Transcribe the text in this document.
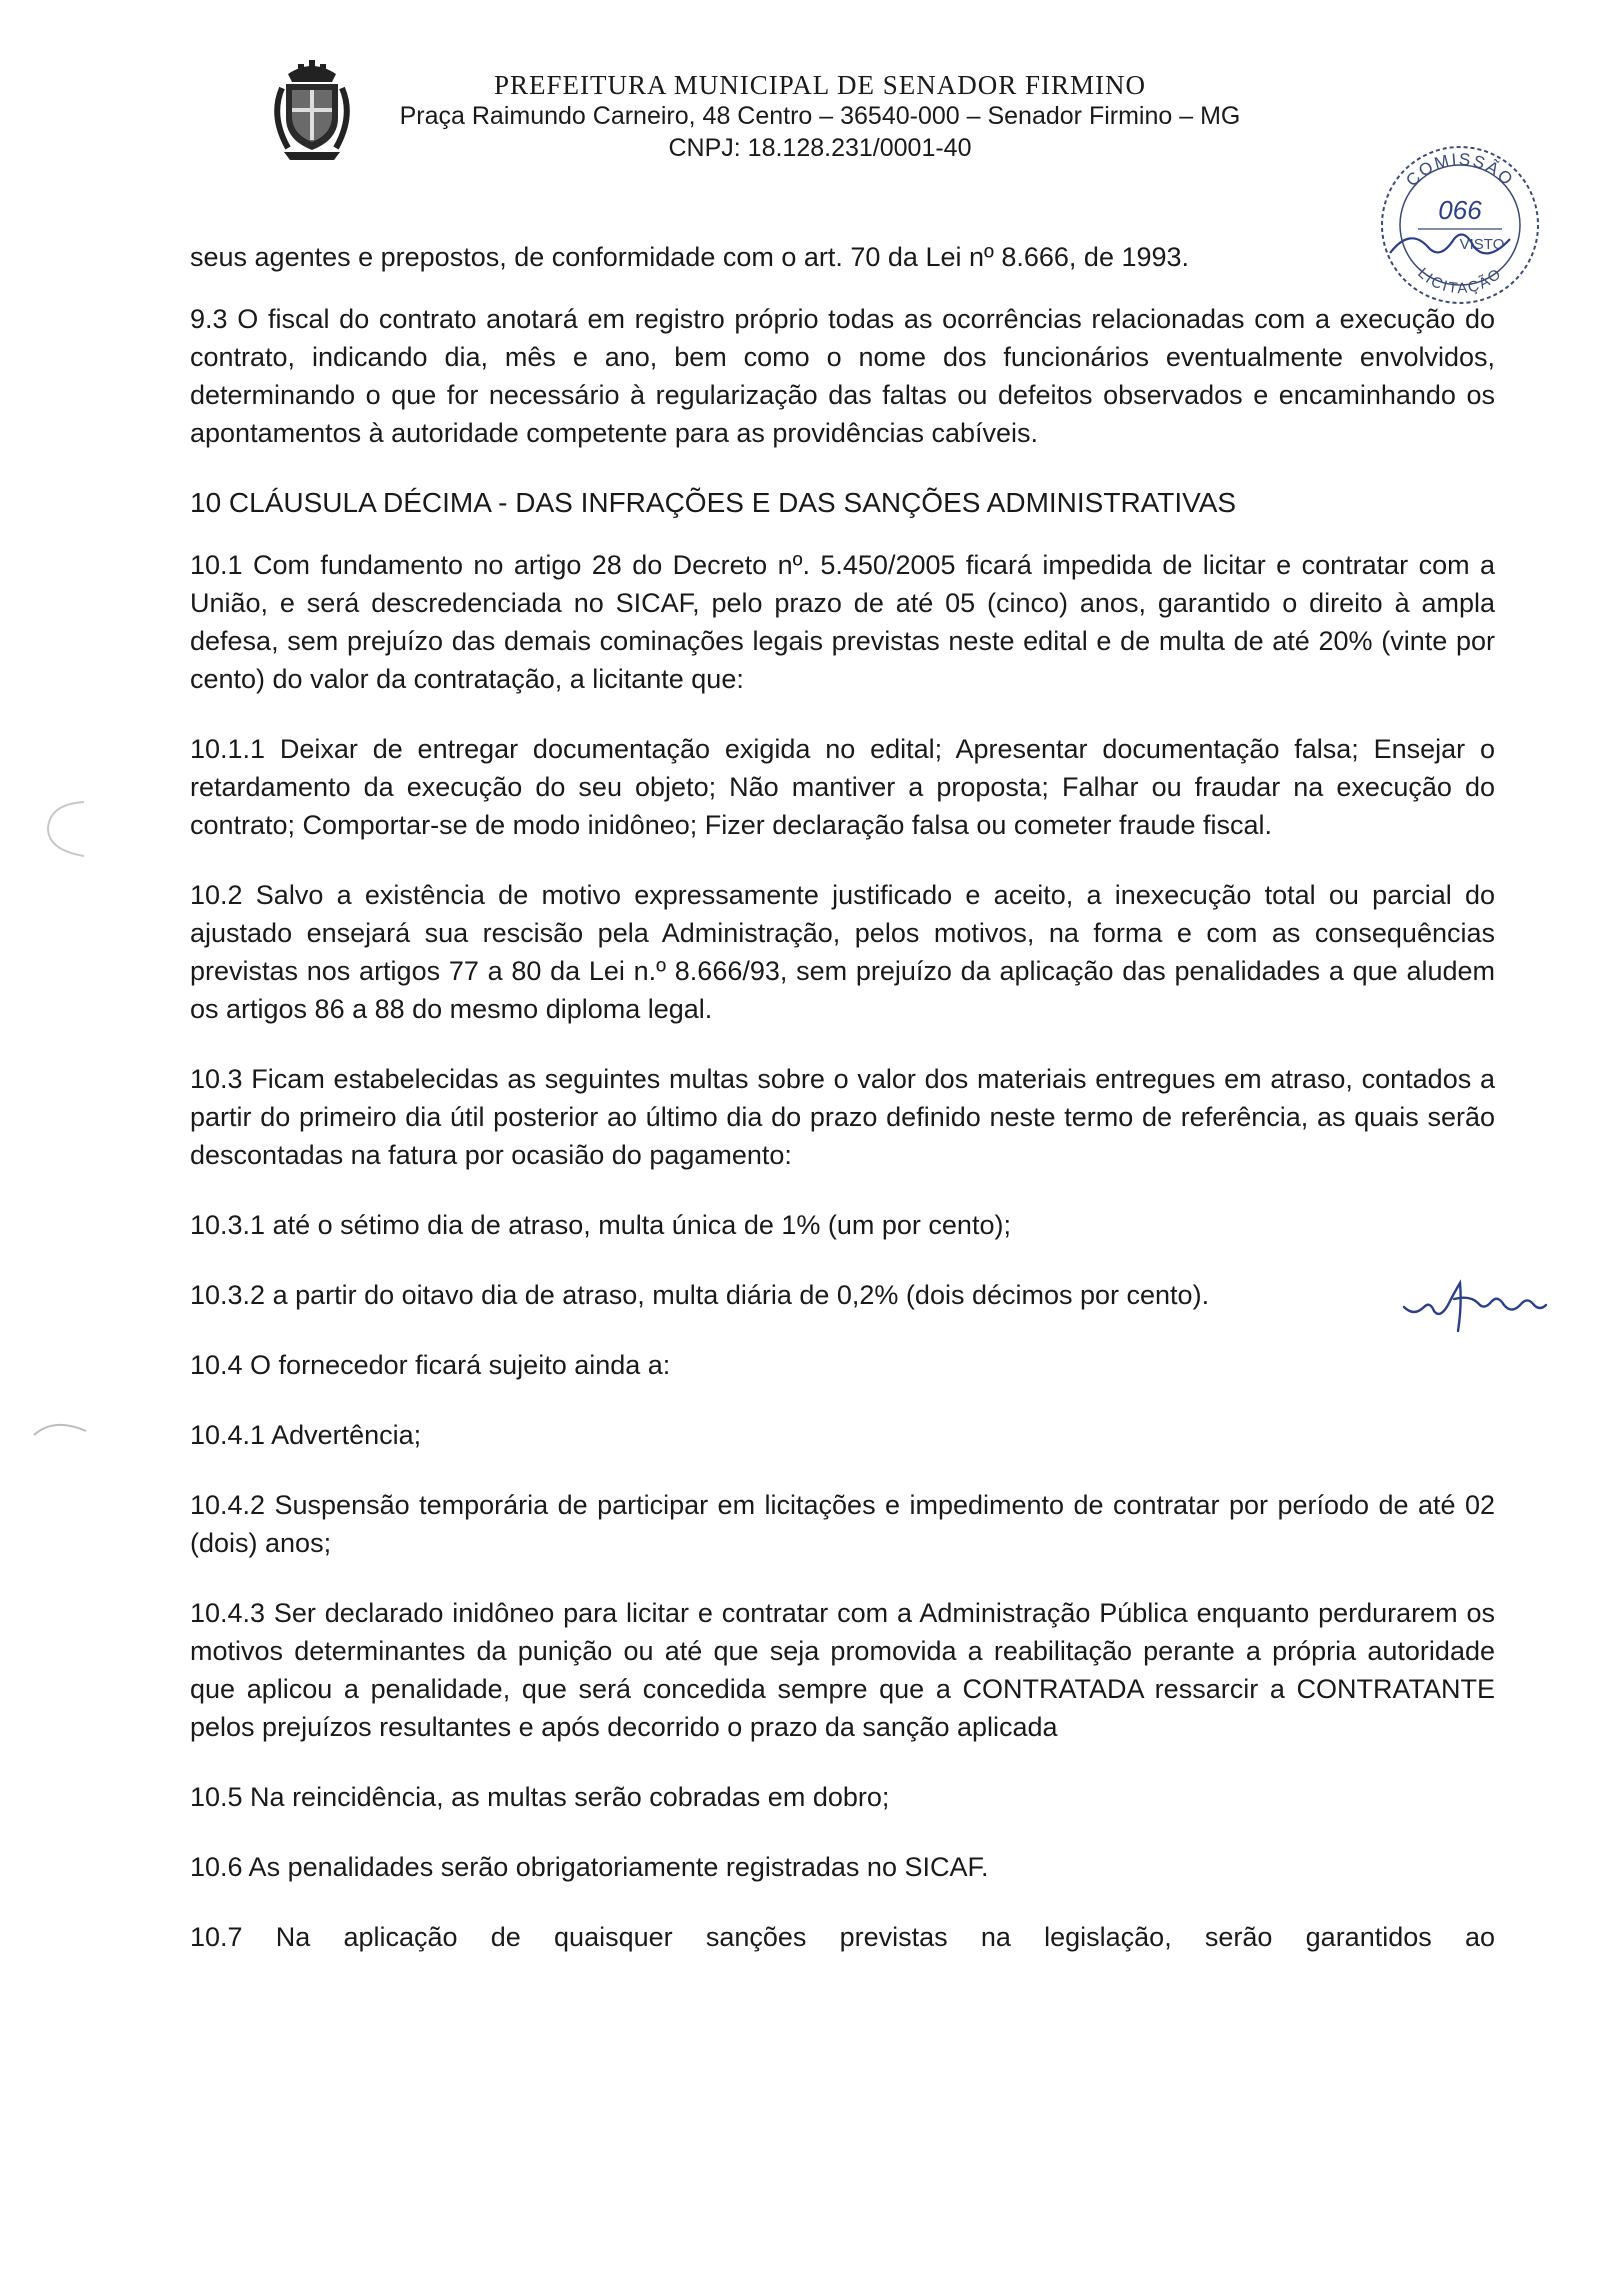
PREFEITURA MUNICIPAL DE SENADOR FIRMINO
Praça Raimundo Carneiro, 48 Centro – 36540-000 – Senador Firmino – MG
CNPJ: 18.128.231/0001-40
COMISSÃO
066
VISTO
LICITAÇÃO

seus agentes e prepostos, de conformidade com o art. 70 da Lei nº 8.666, de 1993.

9.3 O fiscal do contrato anotará em registro próprio todas as ocorrências relacionadas com a execução do contrato, indicando dia, mês e ano, bem como o nome dos funcionários eventualmente envolvidos, determinando o que for necessário à regularização das faltas ou defeitos observados e encaminhando os apontamentos à autoridade competente para as providências cabíveis.

10 CLÁUSULA DÉCIMA - DAS INFRAÇÕES E DAS SANÇÕES ADMINISTRATIVAS

10.1 Com fundamento no artigo 28 do Decreto nº. 5.450/2005 ficará impedida de licitar e contratar com a União, e será descredenciada no SICAF, pelo prazo de até 05 (cinco) anos, garantido o direito à ampla defesa, sem prejuízo das demais cominações legais previstas neste edital e de multa de até 20% (vinte por cento) do valor da contratação, a licitante que:

10.1.1 Deixar de entregar documentação exigida no edital; Apresentar documentação falsa; Ensejar o retardamento da execução do seu objeto; Não mantiver a proposta; Falhar ou fraudar na execução do contrato; Comportar-se de modo inidôneo; Fizer declaração falsa ou cometer fraude fiscal.

10.2 Salvo a existência de motivo expressamente justificado e aceito, a inexecução total ou parcial do ajustado ensejará sua rescisão pela Administração, pelos motivos, na forma e com as consequências previstas nos artigos 77 a 80 da Lei n.º 8.666/93, sem prejuízo da aplicação das penalidades a que aludem os artigos 86 a 88 do mesmo diploma legal.

10.3 Ficam estabelecidas as seguintes multas sobre o valor dos materiais entregues em atraso, contados a partir do primeiro dia útil posterior ao último dia do prazo definido neste termo de referência, as quais serão descontadas na fatura por ocasião do pagamento:

10.3.1 até o sétimo dia de atraso, multa única de 1% (um por cento);

10.3.2 a partir do oitavo dia de atraso, multa diária de 0,2% (dois décimos por cento).

10.4 O fornecedor ficará sujeito ainda a:

10.4.1 Advertência;

10.4.2 Suspensão temporária de participar em licitações e impedimento de contratar por período de até 02 (dois) anos;

10.4.3 Ser declarado inidôneo para licitar e contratar com a Administração Pública enquanto perdurarem os motivos determinantes da punição ou até que seja promovida a reabilitação perante a própria autoridade que aplicou a penalidade, que será concedida sempre que a CONTRATADA ressarcir a CONTRATANTE pelos prejuízos resultantes e após decorrido o prazo da sanção aplicada

10.5 Na reincidência, as multas serão cobradas em dobro;

10.6 As penalidades serão obrigatoriamente registradas no SICAF.

10.7 Na aplicação de quaisquer sanções previstas na legislação, serão garantidos ao
